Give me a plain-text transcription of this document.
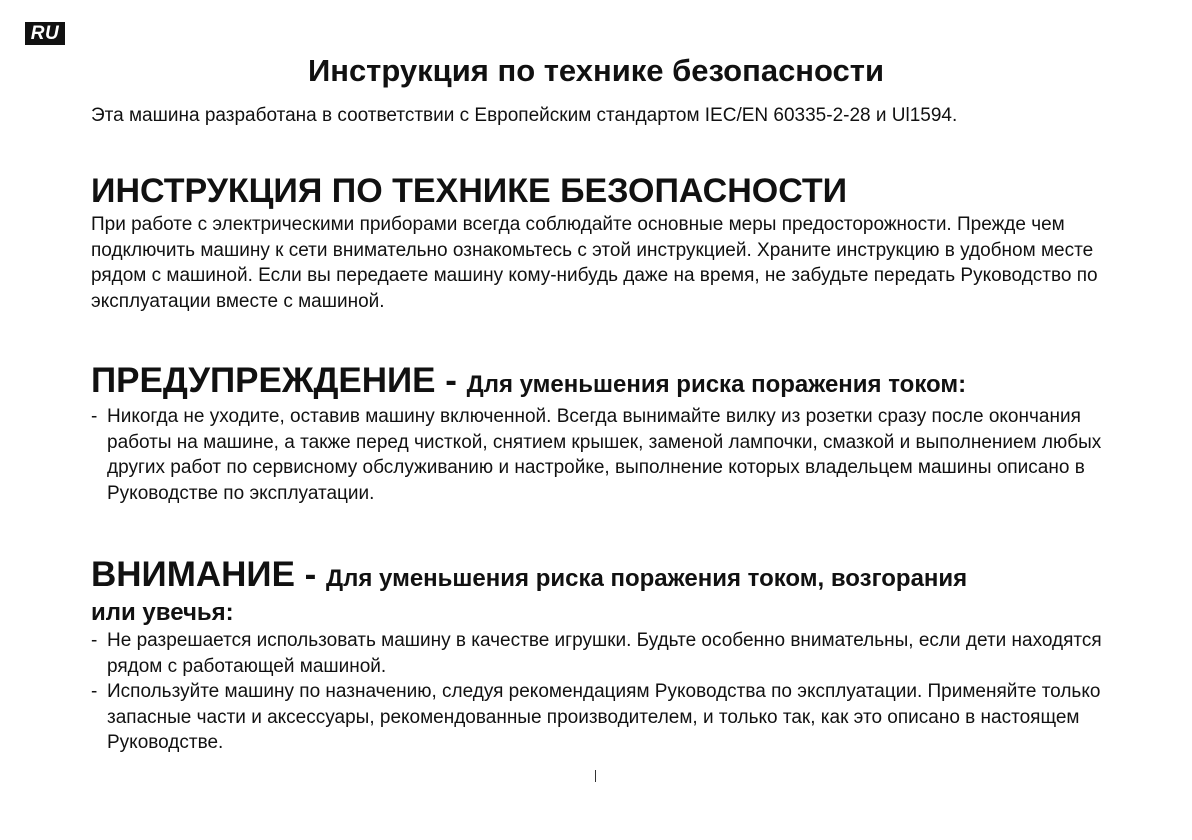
RU
Инструкция по технике безопасности

Эта машина разработана в соответствии с Европейским стандартом IEC/EN 60335-2-28 и Ul1594.

ИНСТРУКЦИЯ ПО ТЕХНИКЕ БЕЗОПАСНОСТИ

При работе с электрическими приборами всегда соблюдайте основные меры предосторожности. Прежде чем подключить машину к сети внимательно ознакомьтесь с этой инструкцией. Храните инструкцию в удобном месте рядом с машиной. Если вы передаете машину кому-нибудь даже на время, не забудьте передать Руководство по эксплуатации вместе с машиной.

ПРЕДУПРЕЖДЕНИЕ - Для уменьшения риска поражения током:
- Никогда не уходите, оставив машину включенной. Всегда вынимайте вилку из розетки сразу после окончания работы на машине, а также перед чисткой, снятием крышек, заменой лампочки, смазкой и выполнением любых других работ по сервисному обслуживанию и настройке, выполнение которых владельцем машины описано в Руководстве по эксплуатации.
ВНИМАНИЕ - Для уменьшения риска поражения током, возгорания

или увечья:

- Не разрешается использовать машину в качестве игрушки. Будьте особенно внимательны, если дети находятся рядом с работающей машиной.
- Используйте машину по назначению, следуя рекомендациям Руководства по эксплуатации. Применяйте только запасные части и аксессуары, рекомендованные производителем, и только так, как это описано в настоящем Руководстве.
